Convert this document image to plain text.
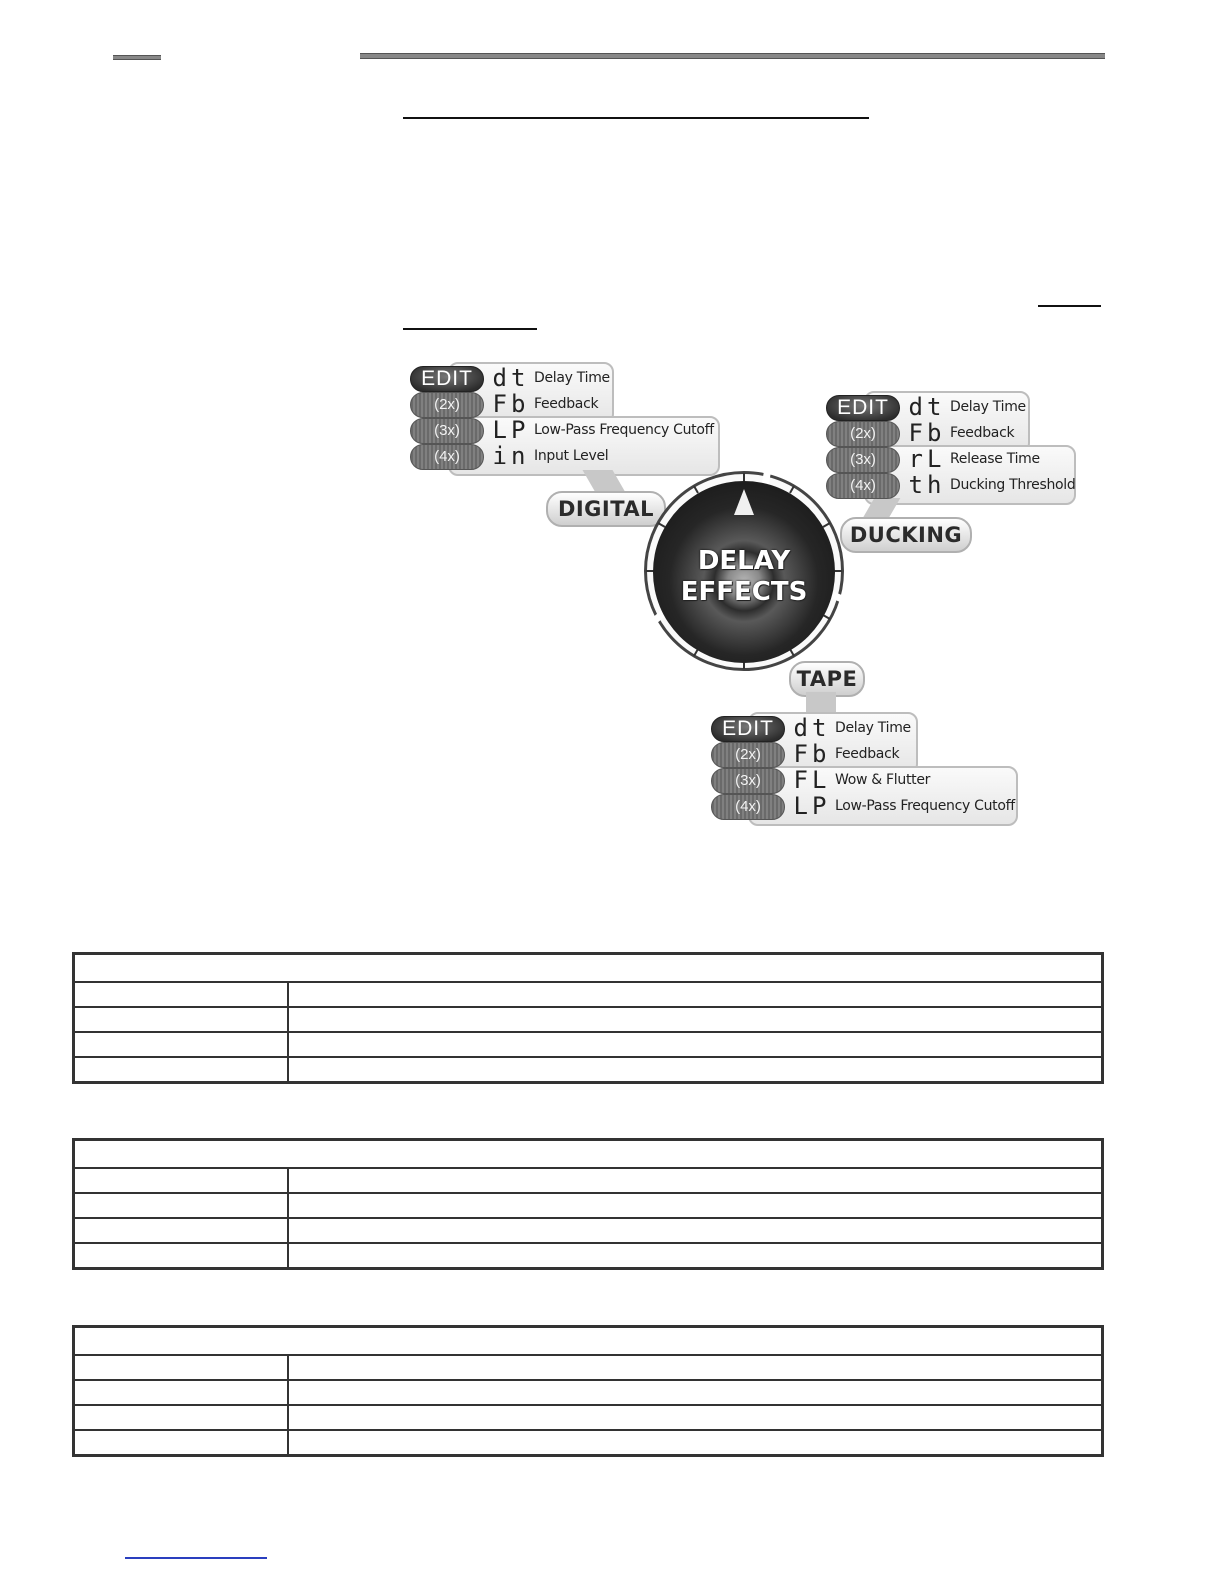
EDIT dt Delay Time
(2x)	Fb Feedback
(3x)	LP Low-Pass Frequency Cutoff
(4x)	in Input Level
DIGITAL
EDIT dt Delay Time
(2x)	Fb Feedback
(3x)	rL Release Time
(4x)	th Ducking Threshold
DUCKING
DELAY
EFFECTS
TAPE
EDIT dt Delay Time
(2x)	Fb Feedback
(3x)	FL Wow & Flutter
(4x)	LP Low-Pass Frequency Cutoff
